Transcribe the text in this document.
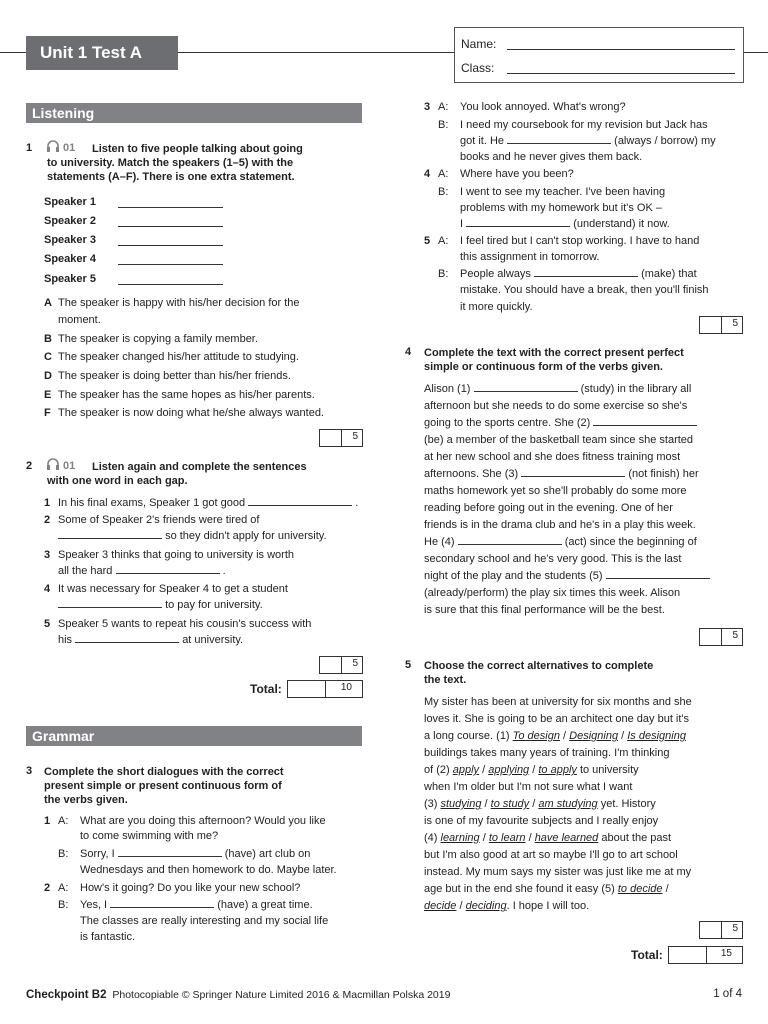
Unit 1 Test A	Name:
Class:
Listening
1	01 Listen to five people talking about going
to university. Match the speakers (1–5) with the
statements (A–F). There is one extra statement.
Speaker 1
Speaker 2
Speaker 3
Speaker 4
Speaker 5
A The speaker is happy with his/her decision for the
moment.
B The speaker is copying a family member.
C The speaker changed his/her attitude to studying.
D The speaker is doing better than his/her friends.
E The speaker has the same hopes as his/her parents.
F The speaker is now doing what he/she always wanted.
5
2	01 Listen again and complete the sentences
with one word in each gap.
1 In his final exams, Speaker 1 got good	.
2 Some of Speaker 2's friends were tired of
so they didn't apply for university.
3 Speaker 3 thinks that going to university is worth
all the hard	.
4 It was necessary for Speaker 4 to get a student
to pay for university.
5 Speaker 5 wants to repeat his cousin's success with
his	at university.
5
Total:	10
Grammar
3 Complete the short dialogues with the correct
present simple or present continuous form of
the verbs given.
1 A: What are you doing this afternoon? Would you like
to come swimming with me?
B: Sorry, I	(have) art club on
Wednesdays and then homework to do. Maybe later.
2 A: How's it going? Do you like your new school?
B: Yes, I	(have) a great time.
The classes are really interesting and my social life
is fantastic.
3 A: You look annoyed. What's wrong?
B: I need my coursebook for my revision but Jack has
got it. He	(always / borrow) my
books and he never gives them back.
4 A: Where have you been?
B: I went to see my teacher. I've been having
problems with my homework but it's OK –
I	(understand) it now.
5 A: I feel tired but I can't stop working. I have to hand
this assignment in tomorrow.
B: People always	(make) that
mistake. You should have a break, then you'll finish
it more quickly.
5
4 Complete the text with the correct present perfect
simple or continuous form of the verbs given.
Alison (1)	(study) in the library all
afternoon but she needs to do some exercise so she's
going to the sports centre. She (2)
(be) a member of the basketball team since she started
at her new school and she does fitness training most
afternoons. She (3)	(not finish) her
maths homework yet so she'll probably do some more
reading before going out in the evening. One of her
friends is in the drama club and he's in a play this week.
He (4)	(act) since the beginning of
secondary school and he's very good. This is the last
night of the play and the students (5)
(already/perform) the play six times this week. Alison
is sure that this final performance will be the best.
5
5 Choose the correct alternatives to complete
the text.
My sister has been at university for six months and she
loves it. She is going to be an architect one day but it's
a long course. (1) To design / Designing / Is designing
buildings takes many years of training. I'm thinking
of (2) apply / applying / to apply to university
when I'm older but I'm not sure what I want
(3) studying / to study / am studying yet. History
is one of my favourite subjects and I really enjoy
(4) learning / to learn / have learned about the past
but I'm also good at art so maybe I'll go to art school
instead. My mum says my sister was just like me at my
age but in the end she found it easy (5) to decide /
decide / deciding. I hope I will too.
5
Total:	15
Checkpoint B2 Photocopiable © Springer Nature Limited 2016 & Macmillan Polska 2019	1 of 4
